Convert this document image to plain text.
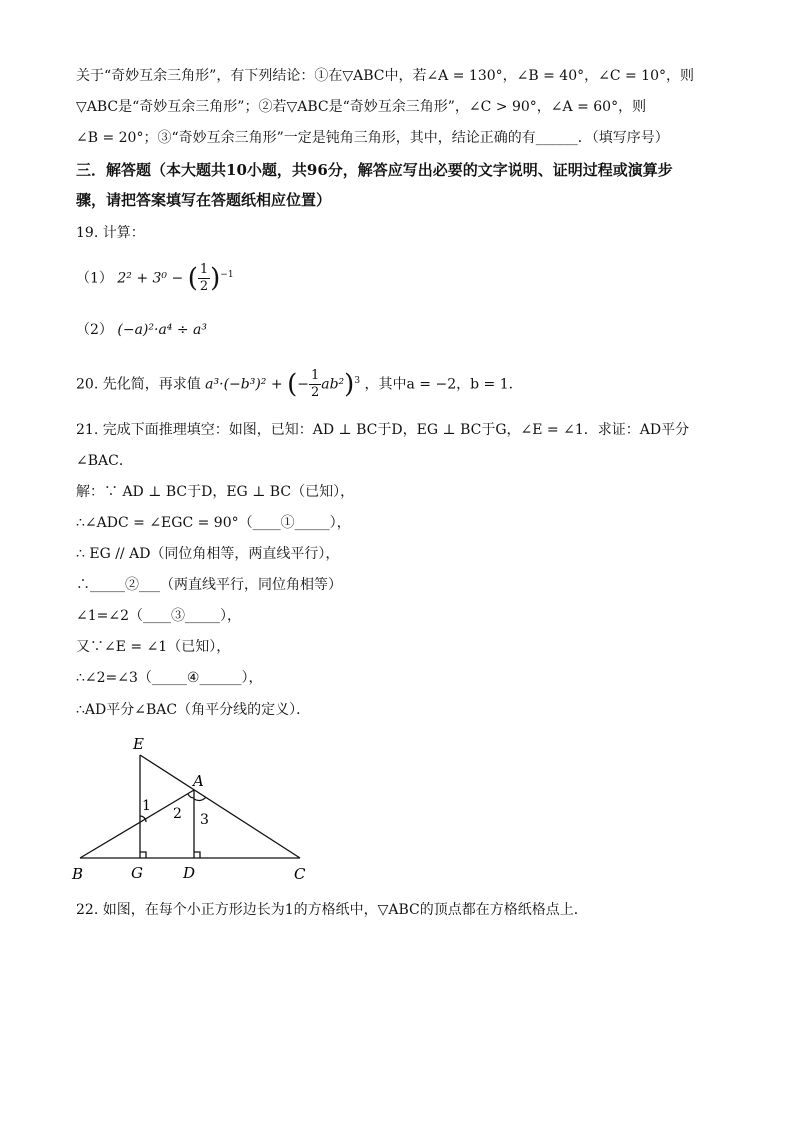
关于“奇妙互余三角形”，有下列结论：①在▽ABC中，若∠A = 130°，∠B = 40°，∠C = 10°，则
▽ABC是“奇妙互余三角形”；②若▽ABC是“奇妙互余三角形”，∠C > 90°，∠A = 60°，则
∠B = 20°；③“奇妙互余三角形”一定是钝角三角形，其中，结论正确的有______．（填写序号）
三．解答题（本大题共10小题，共96分，解答应写出必要的文字说明、证明过程或演算步
骤，请把答案填写在答题纸相应位置）
19. 计算：
（1） 2² + 3⁰ − ( $\frac{1}{2} )^{-1}$
（2） (−a)²·a⁴ ÷ a³
20. 先化简，再求值 a³·(−b³)² + (− $\frac{1}{2} ab^2)^3$ ，其中a = −2，b = 1．
21. 完成下面推理填空：如图，已知：AD ⊥ BC于D，EG ⊥ BC于G，∠E = ∠1．求证：AD平分
∠BAC．
解：∵ AD ⊥ BC于D，EG ⊥ BC（已知），
∴∠ADC = ∠EGC = 90°（____①_____），
∴ EG // AD（同位角相等，两直线平行），
∴_____②___（两直线平行，同位角相等）
∠1=∠2（____③_____），
又∵∠E = ∠1（已知），
∴∠2=∠3（_____④______），
∴AD平分∠BAC（角平分线的定义）．
E
A
B	G	D	C
1 2 3
22. 如图，在每个小正方形边长为1的方格纸中，▽ABC的顶点都在方格纸格点上．
